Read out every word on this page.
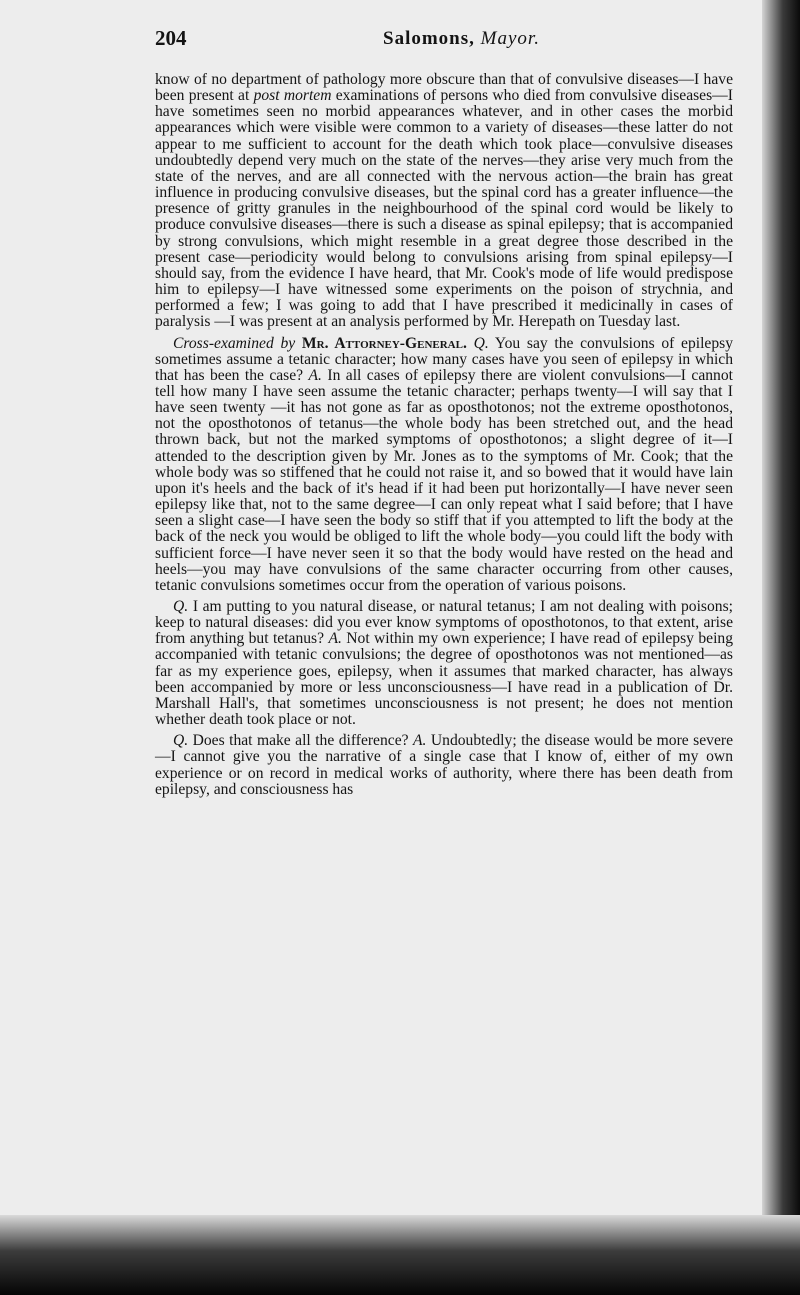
204	Salomons, Mayor.

know of no department of pathology more obscure than that of convulsive diseases—I have been present at post mortem examinations of persons who died from convulsive diseases—I have sometimes seen no morbid appearances whatever, and in other cases the morbid appearances which were visible were common to a variety of diseases—these latter do not appear to me sufficient to account for the death which took place—convulsive diseases undoubtedly depend very much on the state of the nerves—they arise very much from the state of the nerves, and are all connected with the nervous action—the brain has great influence in producing convulsive diseases, but the spinal cord has a greater influence—the presence of gritty granules in the neighbourhood of the spinal cord would be likely to produce convulsive diseases—there is such a disease as spinal epilepsy; that is accompanied by strong convulsions, which might resemble in a great degree those described in the present case—periodicity would belong to convulsions arising from spinal epilepsy—I should say, from the evidence I have heard, that Mr. Cook's mode of life would predispose him to epilepsy—I have witnessed some experiments on the poison of strychnia, and performed a few; I was going to add that I have prescribed it medicinally in cases of paralysis —I was present at an analysis performed by Mr. Herepath on Tuesday last.

Cross-examined by Mr. Attorney-General. Q. You say the convulsions of epilepsy sometimes assume a tetanic character; how many cases have you seen of epilepsy in which that has been the case? A. In all cases of epilepsy there are violent convulsions—I cannot tell how many I have seen assume the tetanic character; perhaps twenty—I will say that I have seen twenty —it has not gone as far as oposthotonos; not the extreme oposthotonos, not the oposthotonos of tetanus—the whole body has been stretched out, and the head thrown back, but not the marked symptoms of oposthotonos; a slight degree of it—I attended to the description given by Mr. Jones as to the symptoms of Mr. Cook; that the whole body was so stiffened that he could not raise it, and so bowed that it would have lain upon it's heels and the back of it's head if it had been put horizontally—I have never seen epilepsy like that, not to the same degree—I can only repeat what I said before; that I have seen a slight case—I have seen the body so stiff that if you attempted to lift the body at the back of the neck you would be obliged to lift the whole body—you could lift the body with sufficient force—I have never seen it so that the body would have rested on the head and heels—you may have convulsions of the same character occurring from other causes, tetanic convulsions sometimes occur from the operation of various poisons.

Q. I am putting to you natural disease, or natural tetanus; I am not dealing with poisons; keep to natural diseases: did you ever know symptoms of oposthotonos, to that extent, arise from anything but tetanus? A. Not within my own experience; I have read of epilepsy being accompanied with tetanic convulsions; the degree of oposthotonos was not mentioned—as far as my experience goes, epilepsy, when it assumes that marked character, has always been accompanied by more or less unconsciousness—I have read in a publication of Dr. Marshall Hall's, that sometimes unconsciousness is not present; he does not mention whether death took place or not.

Q. Does that make all the difference? A. Undoubtedly; the disease would be more severe—I cannot give you the narrative of a single case that I know of, either of my own experience or on record in medical works of authority, where there has been death from epilepsy, and consciousness has
